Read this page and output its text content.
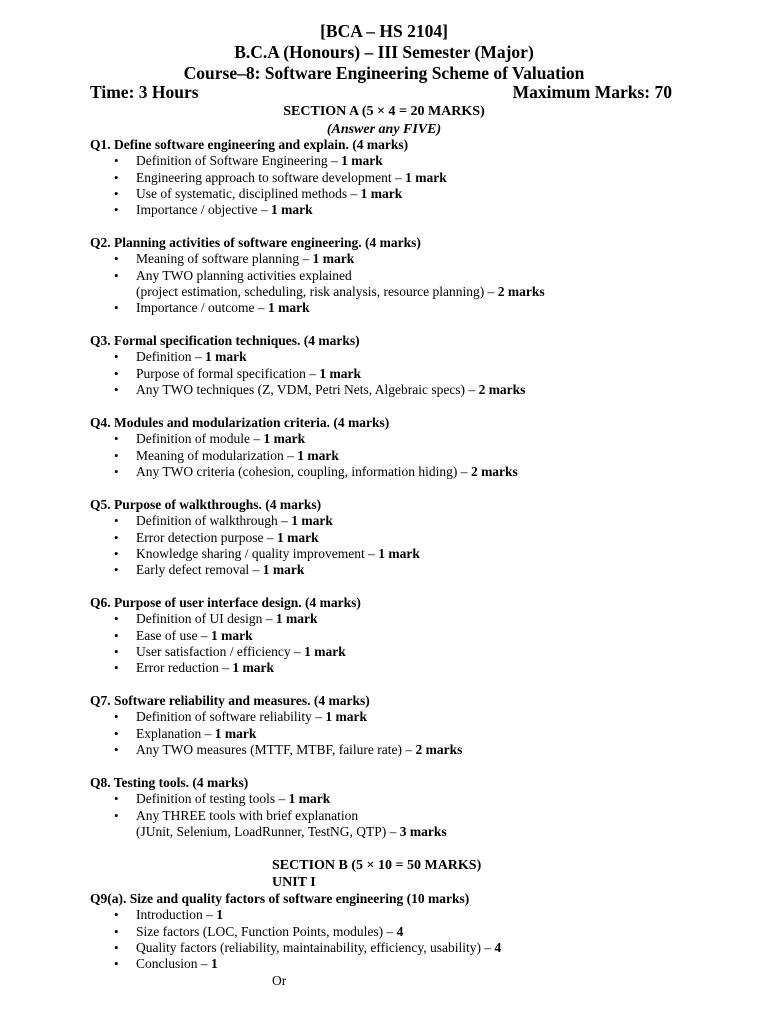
[BCA – HS 2104]
B.C.A (Honours) – III Semester (Major)
Course–8: Software Engineering Scheme of Valuation
Time: 3 Hours	Maximum Marks: 70
SECTION A (5 × 4 = 20 MARKS)
(Answer any FIVE)
Q1. Define software engineering and explain. (4 marks)
• Definition of Software Engineering – 1 mark
• Engineering approach to software development – 1 mark
• Use of systematic, disciplined methods – 1 mark
• Importance / objective – 1 mark
Q2. Planning activities of software engineering. (4 marks)
• Meaning of software planning – 1 mark
• Any TWO planning activities explained
(project estimation, scheduling, risk analysis, resource planning) – 2 marks
• Importance / outcome – 1 mark
Q3. Formal specification techniques. (4 marks)
• Definition – 1 mark
• Purpose of formal specification – 1 mark
• Any TWO techniques (Z, VDM, Petri Nets, Algebraic specs) – 2 marks
Q4. Modules and modularization criteria. (4 marks)
• Definition of module – 1 mark
• Meaning of modularization – 1 mark
• Any TWO criteria (cohesion, coupling, information hiding) – 2 marks
Q5. Purpose of walkthroughs. (4 marks)
• Definition of walkthrough – 1 mark
• Error detection purpose – 1 mark
• Knowledge sharing / quality improvement – 1 mark
• Early defect removal – 1 mark
Q6. Purpose of user interface design. (4 marks)
• Definition of UI design – 1 mark
• Ease of use – 1 mark
• User satisfaction / efficiency – 1 mark
• Error reduction – 1 mark
Q7. Software reliability and measures. (4 marks)
• Definition of software reliability – 1 mark
• Explanation – 1 mark
• Any TWO measures (MTTF, MTBF, failure rate) – 2 marks
Q8. Testing tools. (4 marks)
• Definition of testing tools – 1 mark
• Any THREE tools with brief explanation
(JUnit, Selenium, LoadRunner, TestNG, QTP) – 3 marks
SECTION B (5 × 10 = 50 MARKS)
UNIT I
Q9(a). Size and quality factors of software engineering (10 marks)
• Introduction – 1
• Size factors (LOC, Function Points, modules) – 4
• Quality factors (reliability, maintainability, efficiency, usability) – 4
• Conclusion – 1
Or
